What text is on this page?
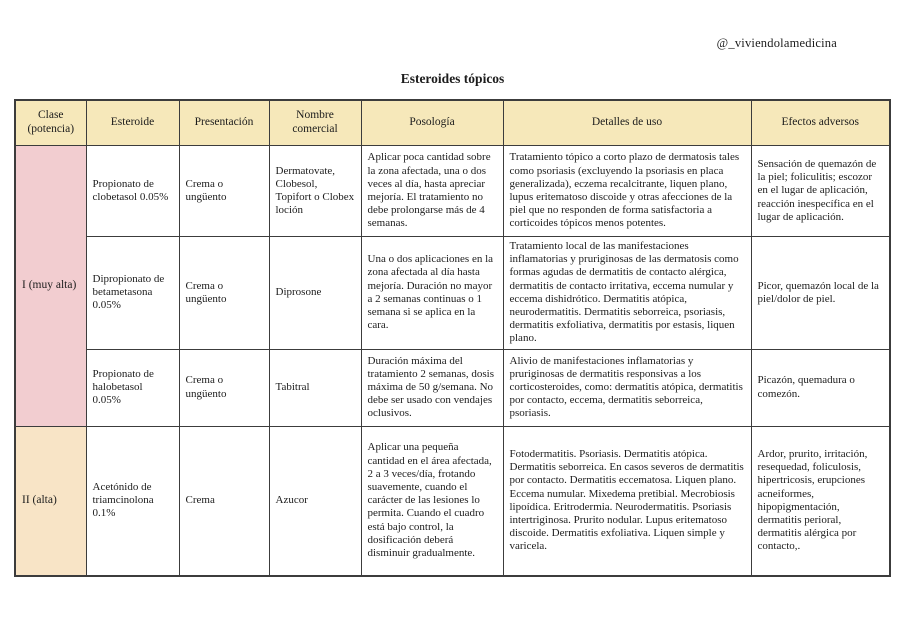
@_viviendolamedicina
Esteroides tópicos
Clase (potencia)	Esteroide	Presentación	Nombre comercial	Posología	Detalles de uso	Efectos adversos
I (muy alta)	Propionato de clobetasol 0.05%	Crema o ungüento	Dermatovate, Clobesol, Topifort o Clobex loción	Aplicar poca cantidad sobre la zona afectada, una o dos veces al día, hasta apreciar mejoría. El tratamiento no debe prolongarse más de 4 semanas.	Tratamiento tópico a corto plazo de dermatosis tales como psoriasis (excluyendo la psoriasis en placa generalizada), eczema recalcitrante, liquen plano, lupus eritematoso discoide y otras afecciones de la piel que no responden de forma satisfactoria a corticoides tópicos menos potentes.	Sensación de quemazón de la piel; foliculitis; escozor en el lugar de aplicación, reacción inespecífica en el lugar de aplicación.
	Dipropionato de betametasona 0.05%	Crema o ungüento	Diprosone	Una o dos aplicaciones en la zona afectada al día hasta mejoría. Duración no mayor a 2 semanas continuas o 1 semana si se aplica en la cara.	Tratamiento local de las manifestaciones inflamatorias y pruriginosas de las dermatosis como formas agudas de dermatitis de contacto alérgica, dermatitis de contacto irritativa, eccema numular y eccema dishidrótico. Dermatitis atópica, neurodermatitis. Dermatitis seborreica, psoriasis, dermatitis exfoliativa, dermatitis por estasis, liquen plano.	Picor, quemazón local de la piel/dolor de piel.
	Propionato de halobetasol 0.05%	Crema o ungüento	Tabitral	Duración máxima del tratamiento 2 semanas, dosis máxima de 50 g/semana. No debe ser usado con vendajes oclusivos.	Alivio de manifestaciones inflamatorias y pruriginosas de dermatitis responsivas a los corticosteroides, como: dermatitis atópica, dermatitis por contacto, eccema, dermatitis seborreica, psoriasis.	Picazón, quemadura o comezón.
II (alta)	Acetónido de triamcinolona 0.1%	Crema	Azucor	Aplicar una pequeña cantidad en el área afectada, 2 a 3 veces/día, frotando suavemente, cuando el carácter de las lesiones lo permita. Cuando el cuadro está bajo control, la dosificación deberá disminuir gradualmente.	Fotodermatitis. Psoriasis. Dermatitis atópica. Dermatitis seborreica. En casos severos de dermatitis por contacto. Dermatitis eccematosa. Liquen plano. Eccema numular. Mixedema pretibial. Mecrobiosis lipoídica. Eritrodermia. Neurodermatitis. Psoriasis intertriginosa. Prurito nodular. Lupus eritematoso discoide. Dermatitis exfoliativa. Liquen simple y varicela.	Ardor, prurito, irritación, resequedad, foliculosis, hipertricosis, erupciones acneiformes, hipopigmentación, dermatitis perioral, dermatitis alérgica por contacto,.
